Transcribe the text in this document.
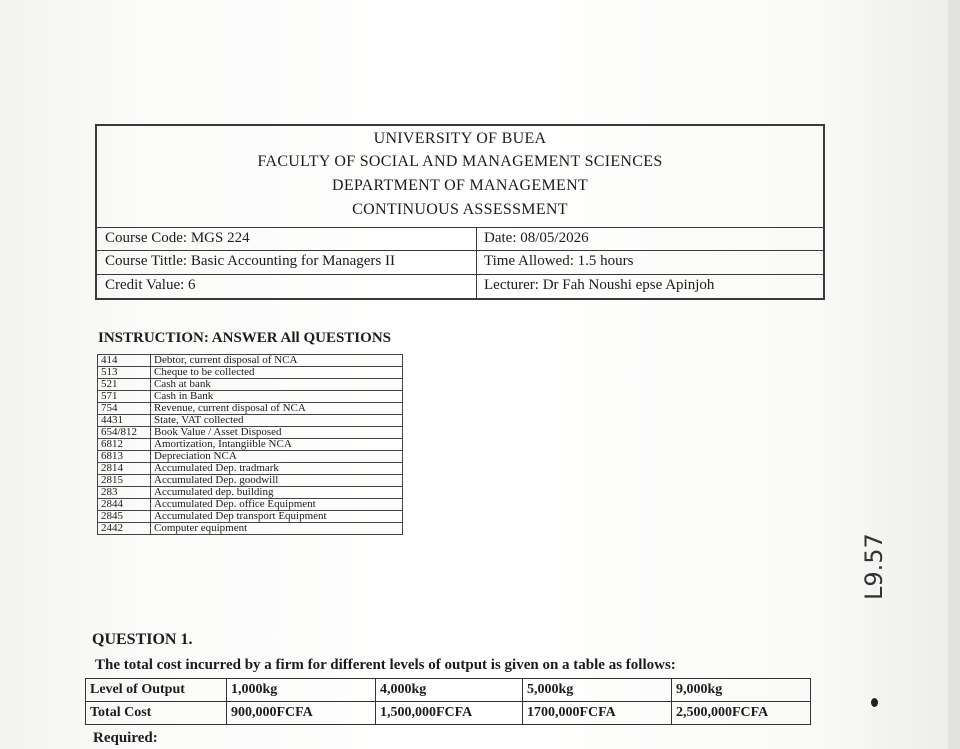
UNIVERSITY OF BUEA
FACULTY OF SOCIAL AND MANAGEMENT SCIENCES
DEPARTMENT OF MANAGEMENT
CONTINUOUS ASSESSMENT
Course Code: MGS 224	Date: 08/05/2026
Course Tittle: Basic Accounting for Managers II	Time Allowed: 1.5 hours
Credit Value: 6	Lecturer: Dr Fah Noushi epse Apinjoh
INSTRUCTION: ANSWER All QUESTIONS
414	Debtor, current disposal of NCA
513	Cheque to be collected
521	Cash at bank
571	Cash in Bank
754	Revenue, current disposal of NCA
4431	State, VAT collected
654/812	Book Value / Asset Disposed
6812	Amortization, Intangiible NCA
6813	Depreciation NCA
2814	Accumulated Dep. tradmark
2815	Accumulated Dep. goodwill
283	Accumulated dep. building
2844	Accumulated Dep. office Equipment
2845	Accumulated Dep transport Equipment
2442	Computer equipment
QUESTION 1.
The total cost incurred by a firm for different levels of output is given on a table as follows:
Level of Output	1,000kg	4,000kg	5,000kg	9,000kg
Total Cost	900,000FCFA	1,500,000FCFA	1700,000FCFA	2,500,000FCFA
Required:
L9.57
